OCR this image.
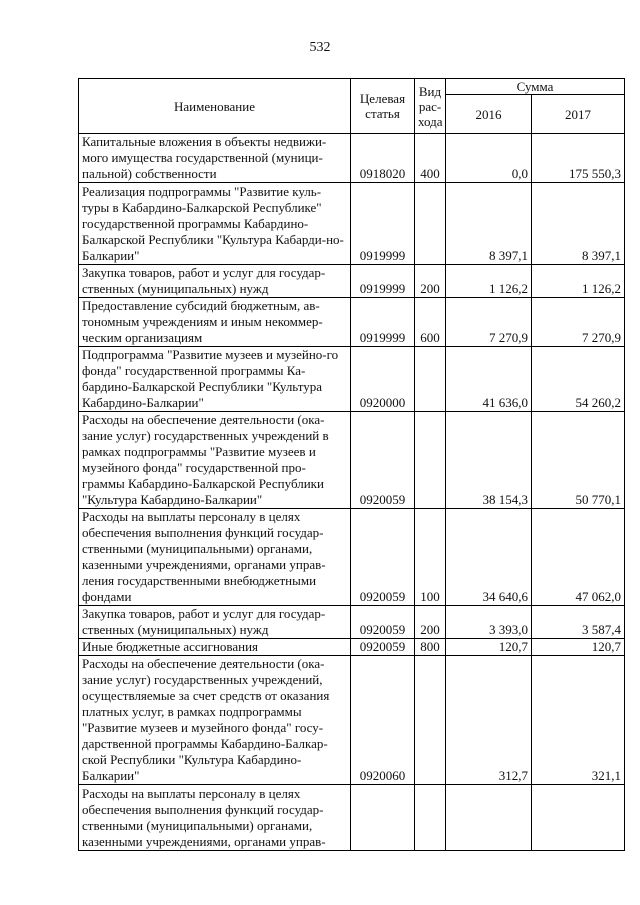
532
Наименование	Целевая статья	Вид рас-хода	Сумма	
			2016	2017
Капитальные вложения в объекты недвижи-мого имущества государственной (муници-пальной) собственности	0918020	400	0,0	175 550,3
Реализация подпрограммы "Развитие куль-туры в Кабардино-Балкарской Республике" государственной программы Кабардино-Балкарской Республики "Культура Кабарди-но-Балкарии"	0919999		8 397,1	8 397,1
Закупка товаров, работ и услуг для государ-ственных (муниципальных) нужд	0919999	200	1 126,2	1 126,2
Предоставление субсидий бюджетным, ав-тономным учреждениям и иным некоммер-ческим организациям	0919999	600	7 270,9	7 270,9
Подпрограмма "Развитие музеев и музейно-го фонда" государственной программы Ка-бардино-Балкарской Республики "Культура Кабардино-Балкарии"	0920000		41 636,0	54 260,2
Расходы на обеспечение деятельности (ока-зание услуг) государственных учреждений в рамках подпрограммы "Развитие музеев и музейного фонда" государственной про-граммы Кабардино-Балкарской Республики "Культура Кабардино-Балкарии"	0920059		38 154,3	50 770,1
Расходы на выплаты персоналу в целях обеспечения выполнения функций государ-ственными (муниципальными) органами, казенными учреждениями, органами управ-ления государственными внебюджетными фондами	0920059	100	34 640,6	47 062,0
Закупка товаров, работ и услуг для государ-ственных (муниципальных) нужд	0920059	200	3 393,0	3 587,4
Иные бюджетные ассигнования	0920059	800	120,7	120,7
Расходы на обеспечение деятельности (ока-зание услуг) государственных учреждений, осуществляемые за счет средств от оказания платных услуг, в рамках подпрограммы "Развитие музеев и музейного фонда" госу-дарственной программы Кабардино-Балкар-ской Республики "Культура Кабардино-Балкарии"	0920060		312,7	321,1
Расходы на выплаты персоналу в целях обеспечения выполнения функций государ-ственными (муниципальными) органами, казенными учреждениями, органами управ-				
